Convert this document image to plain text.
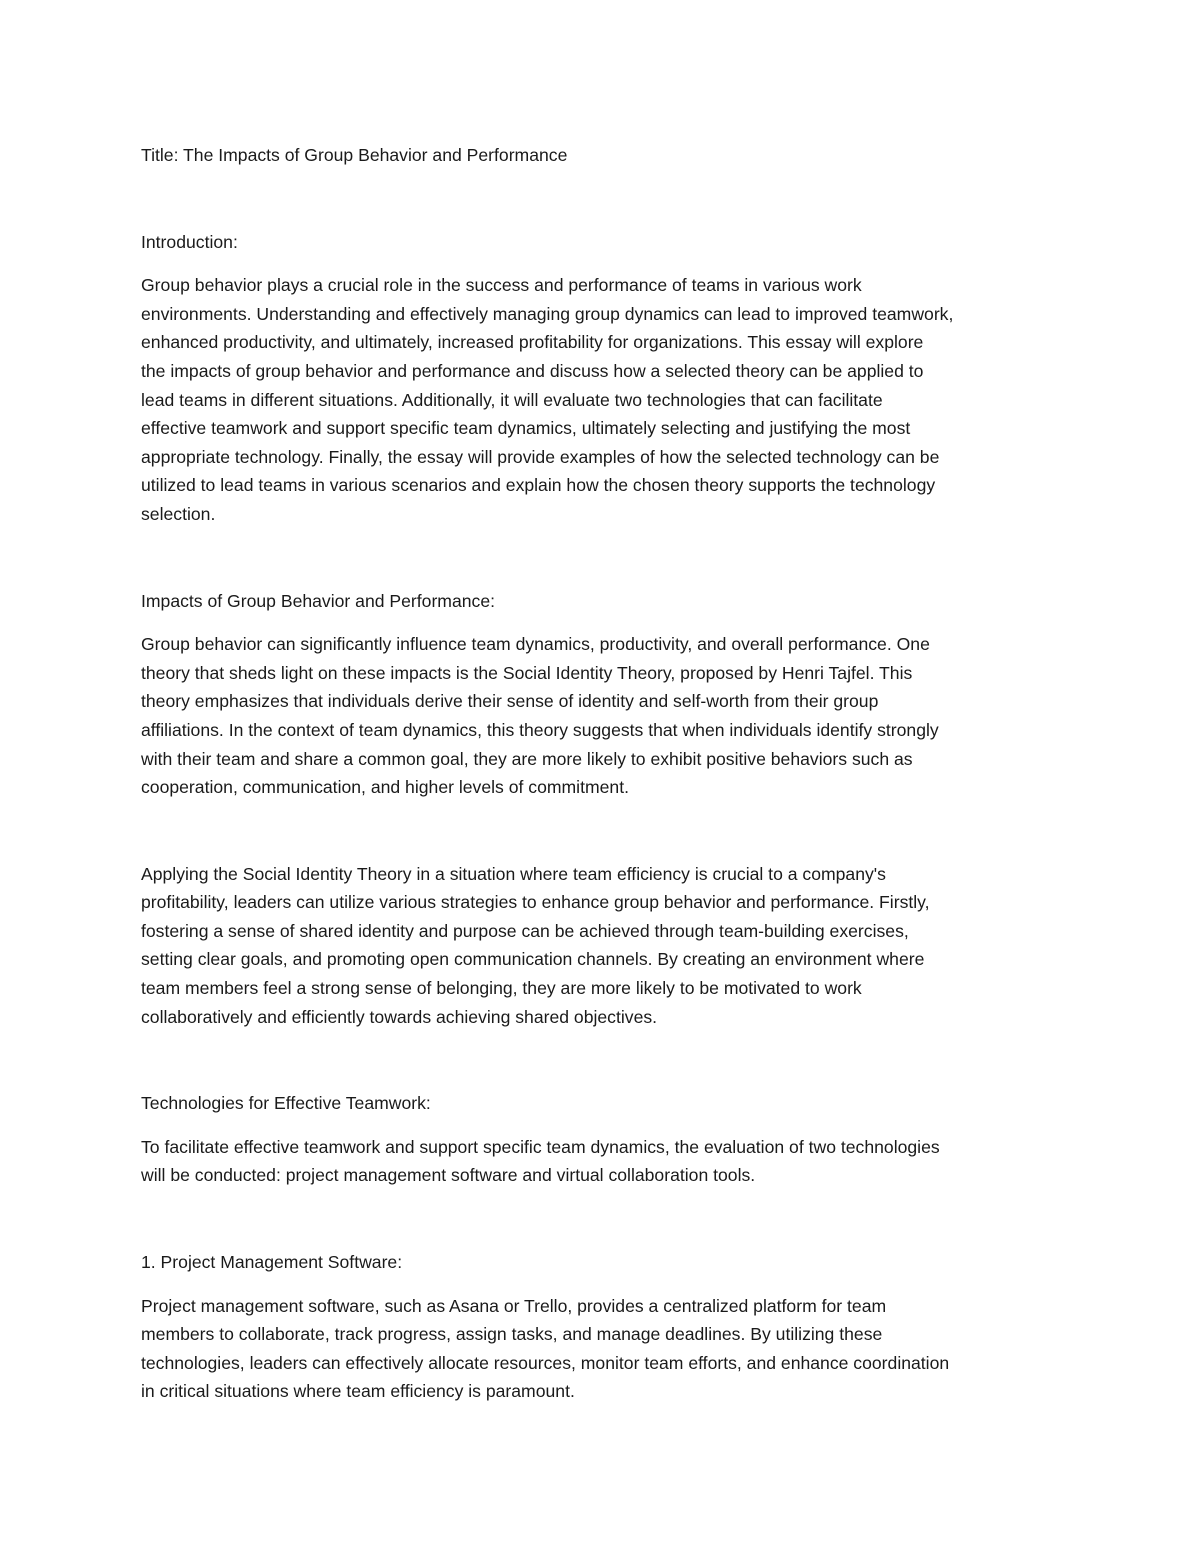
Title: The Impacts of Group Behavior and Performance

Introduction:

Group behavior plays a crucial role in the success and performance of teams in various work

environments. Understanding and effectively managing group dynamics can lead to improved teamwork,

enhanced productivity, and ultimately, increased profitability for organizations. This essay will explore

the impacts of group behavior and performance and discuss how a selected theory can be applied to

lead teams in different situations. Additionally, it will evaluate two technologies that can facilitate

effective teamwork and support specific team dynamics, ultimately selecting and justifying the most

appropriate technology. Finally, the essay will provide examples of how the selected technology can be

utilized to lead teams in various scenarios and explain how the chosen theory supports the technology

selection.

Impacts of Group Behavior and Performance:

Group behavior can significantly influence team dynamics, productivity, and overall performance. One

theory that sheds light on these impacts is the Social Identity Theory, proposed by Henri Tajfel. This

theory emphasizes that individuals derive their sense of identity and self-worth from their group

affiliations. In the context of team dynamics, this theory suggests that when individuals identify strongly

with their team and share a common goal, they are more likely to exhibit positive behaviors such as

cooperation, communication, and higher levels of commitment.

Applying the Social Identity Theory in a situation where team efficiency is crucial to a company's

profitability, leaders can utilize various strategies to enhance group behavior and performance. Firstly,

fostering a sense of shared identity and purpose can be achieved through team-building exercises,

setting clear goals, and promoting open communication channels. By creating an environment where

team members feel a strong sense of belonging, they are more likely to be motivated to work

collaboratively and efficiently towards achieving shared objectives.

Technologies for Effective Teamwork:

To facilitate effective teamwork and support specific team dynamics, the evaluation of two technologies

will be conducted: project management software and virtual collaboration tools.

1. Project Management Software:

Project management software, such as Asana or Trello, provides a centralized platform for team

members to collaborate, track progress, assign tasks, and manage deadlines. By utilizing these

technologies, leaders can effectively allocate resources, monitor team efforts, and enhance coordination

in critical situations where team efficiency is paramount.
